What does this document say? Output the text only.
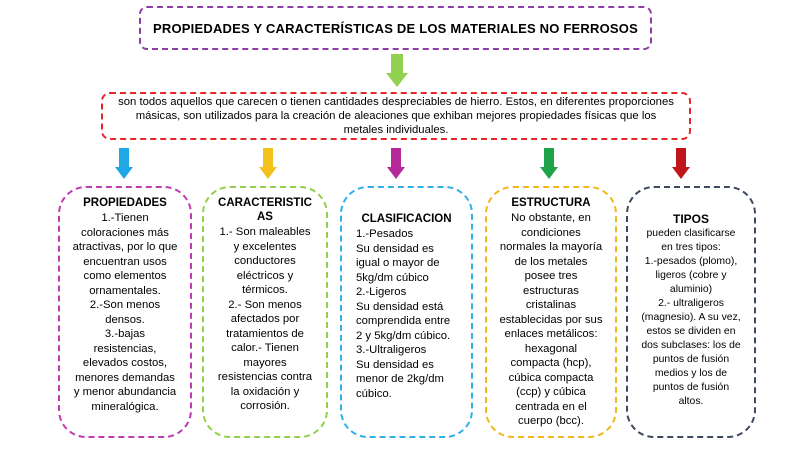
PROPIEDADES Y CARACTERÍSTICAS DE LOS MATERIALES NO FERROSOS
son todos aquellos que carecen o tienen cantidades despreciables de hierro. Estos, en diferentes proporciones másicas, son utilizados para la creación de aleaciones que exhiban mejores propiedades físicas que los metales individuales.
PROPIEDADES
1.-Tienen coloraciones más atractivas, por lo que encuentran usos como elementos ornamentales.
2.-Son menos densos.
3.-bajas resistencias, elevados costos, menores demandas y menor abundancia mineralógica.
CARACTERISTICAS
1.- Son maleables y excelentes conductores eléctricos y térmicos.
2.- Son menos afectados por tratamientos de calor.- Tienen mayores resistencias contra la oxidación y corrosión.
CLASIFICACION
1.-Pesados
Su densidad es igual o mayor de 5kg/dm cúbico
2.-Ligeros
Su densidad está comprendida entre 2 y 5kg/dm cúbico.
3.-Ultraligeros
Su densidad es menor de 2kg/dm cúbico.
ESTRUCTURA
No obstante, en condiciones normales la mayoría de los metales posee tres estructuras cristalinas establecidas por sus enlaces metálicos: hexagonal compacta (hcp), cúbica compacta (ccp) y cúbica centrada en el cuerpo (bcc).
TIPOS
pueden clasificarse en tres tipos:
1.-pesados (plomo), ligeros (cobre y aluminio)
2.- ultraligeros (magnesio). A su vez, estos se dividen en dos subclases: los de puntos de fusión medios y los de puntos de fusión altos.
